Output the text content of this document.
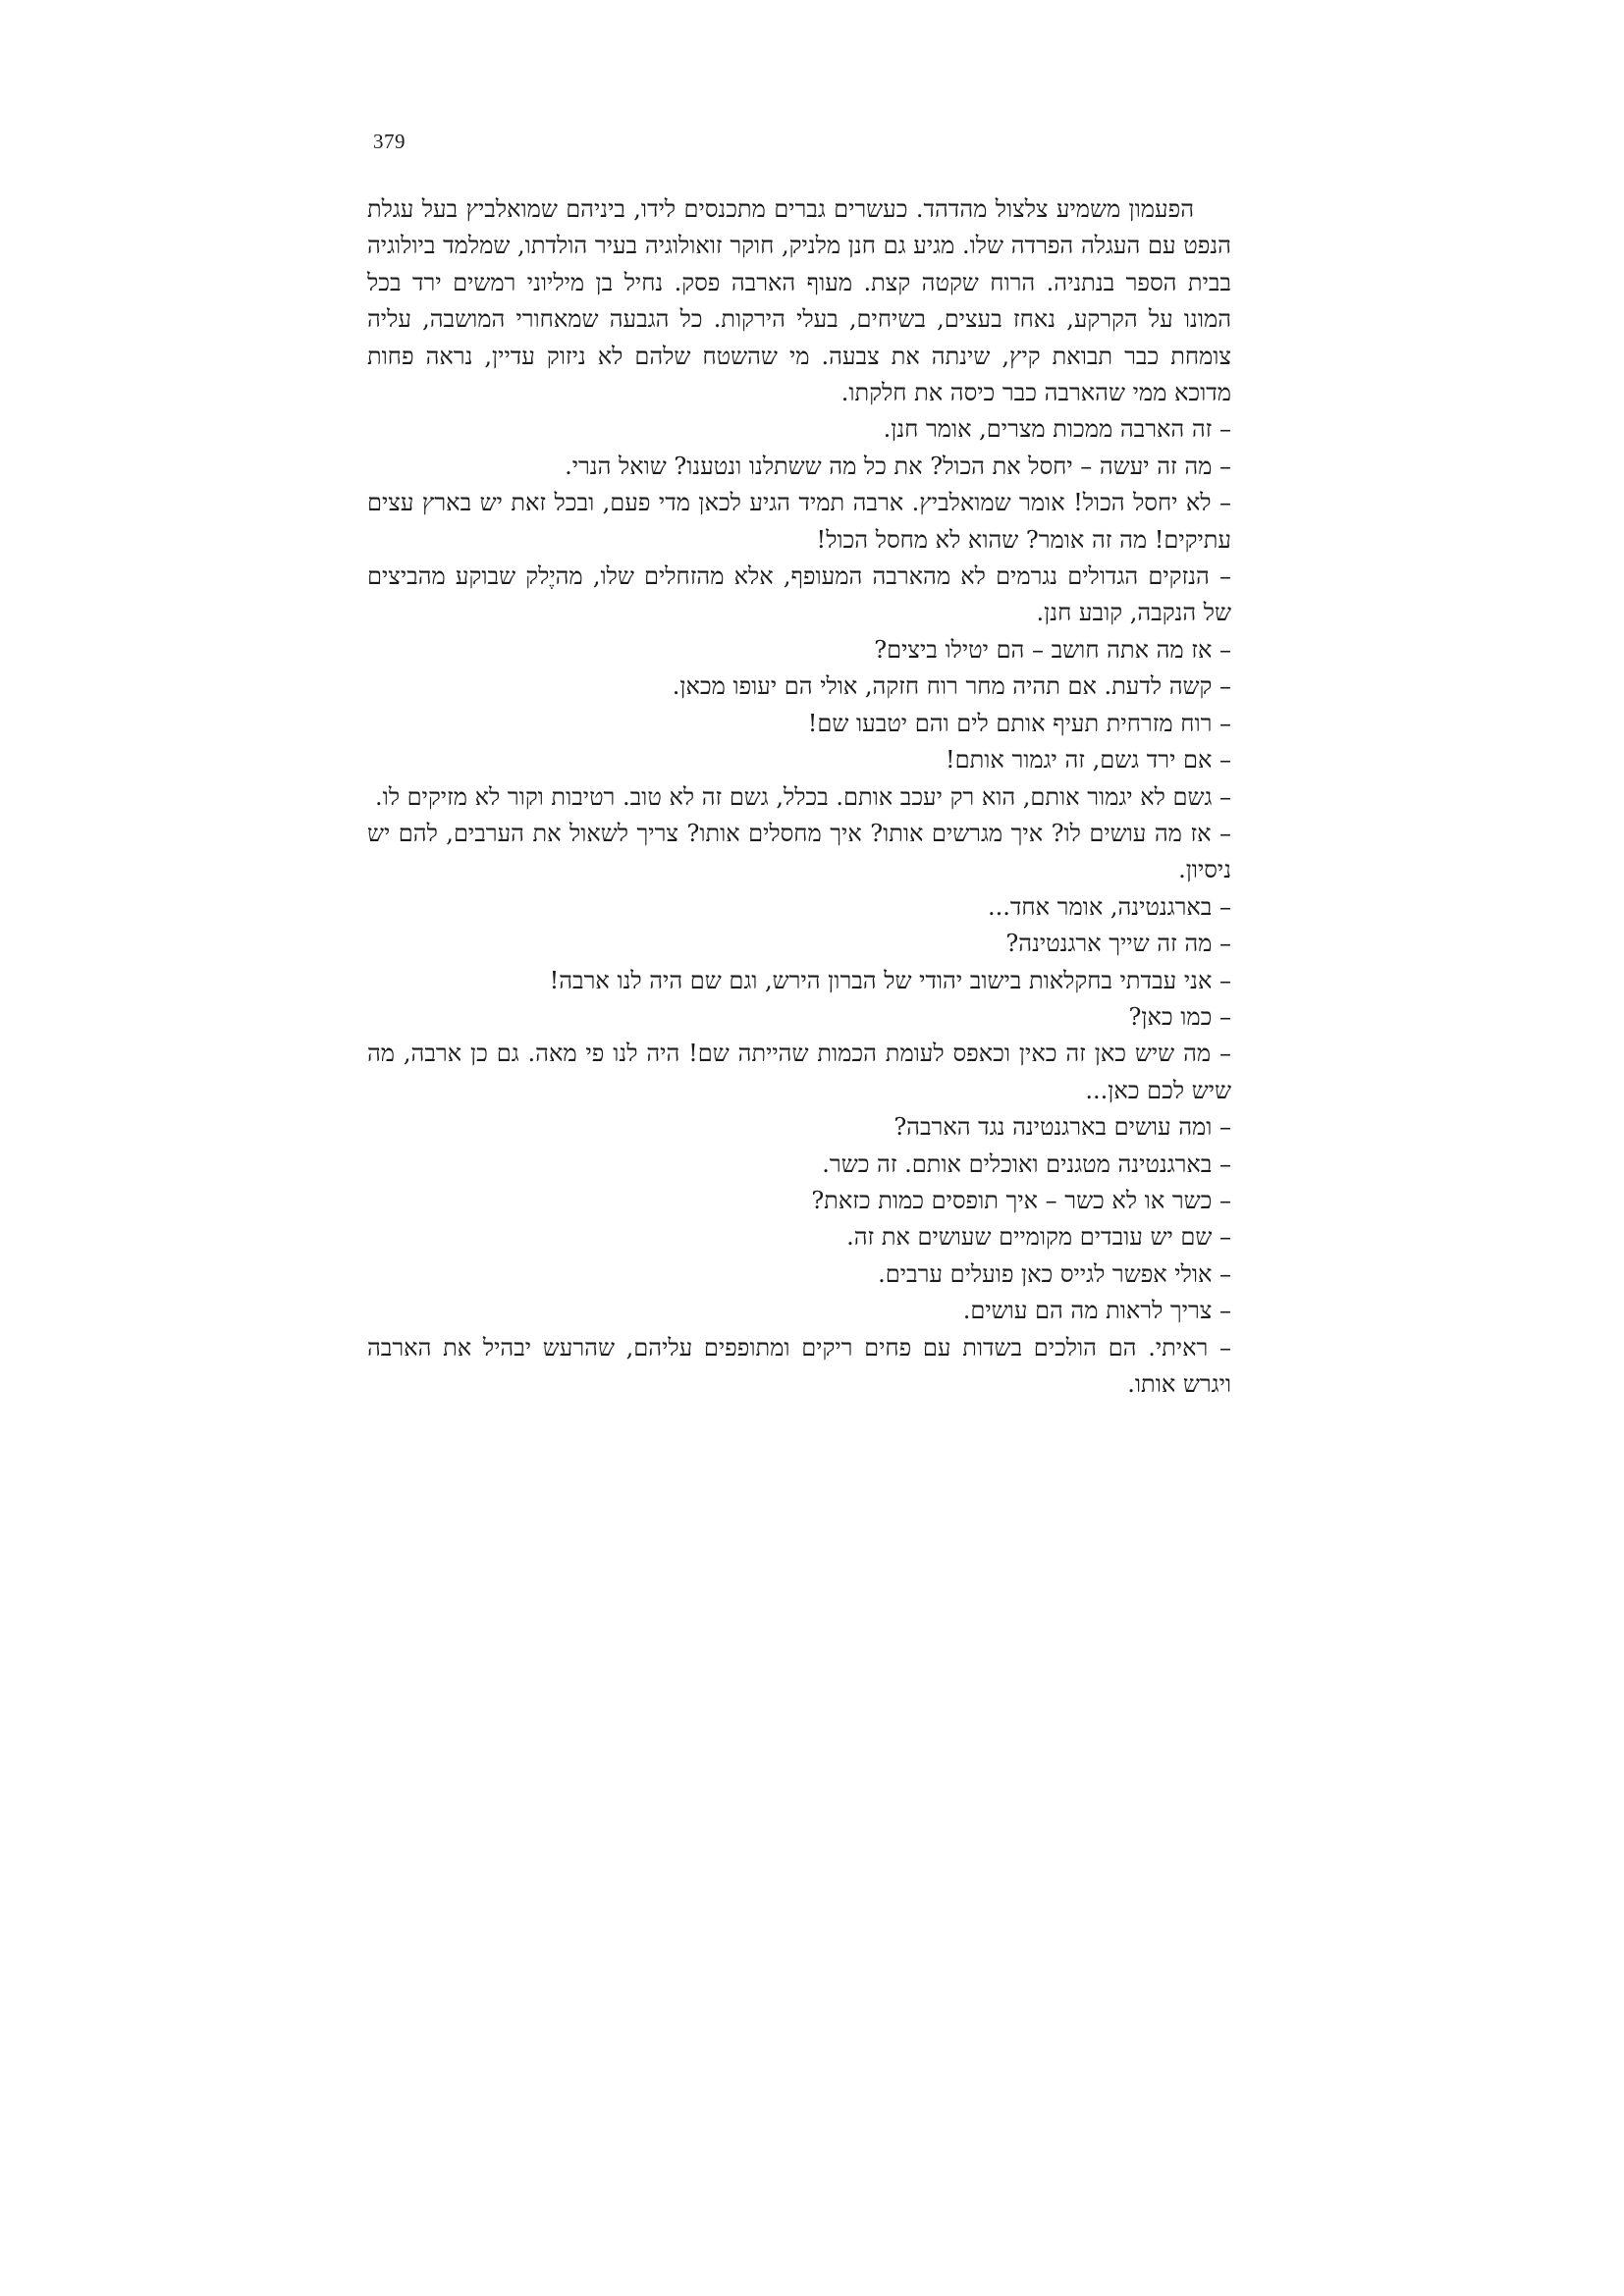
379

הפעמון משמיע צלצול מהדהד. כעשרים גברים מתכנסים לידו, ביניהם שמואלביץ בעל עגלת הנפט עם העגלה הפרדה שלו. מגיע גם חנן מלניק, חוקר זואולוגיה בעיר הולדתו, שמלמד ביולוגיה בבית הספר בנתניה. הרוח שקטה קצת. מעוף הארבה פסק. נחיל בן מיליוני רמשים ירד בכל המונו על הקרקע, נאחז בעצים, בשיחים, בעלי הירקות. כל הגבעה שמאחורי המושבה, עליה צומחת כבר תבואת קיץ, שינתה את צבעה. מי שהשטח שלהם לא ניזוק עדיין, נראה פחות מדוכא ממי שהארבה כבר כיסה את חלקתו.

– זה הארבה ממכות מצרים, אומר חנן.

– מה זה יעשה – יחסל את הכול? את כל מה ששתלנו ונטענו? שואל הנרי.

– לא יחסל הכול! אומר שמואלביץ. ארבה תמיד הגיע לכאן מדי פעם, ובכל זאת יש בארץ עצים עתיקים! מה זה אומר? שהוא לא מחסל הכול!

– הנזקים הגדולים נגרמים לא מהארבה המעופף, אלא מהזחלים שלו, מהיֶלק שבוקע מהביצים של הנקבה, קובע חנן.

– אז מה אתה חושב – הם יטילו ביצים?

– קשה לדעת. אם תהיה מחר רוח חזקה, אולי הם יעופו מכאן.

– רוח מזרחית תעיף אותם לים והם יטבעו שם!

– אם ירד גשם, זה יגמור אותם!

– גשם לא יגמור אותם, הוא רק יעכב אותם. בכלל, גשם זה לא טוב. רטיבות וקור לא מזיקים לו.

– אז מה עושים לו? איך מגרשים אותו? איך מחסלים אותו? צריך לשאול את הערבים, להם יש ניסיון.

– בארגנטינה, אומר אחד...

– מה זה שייך ארגנטינה?

– אני עבדתי בחקלאות בישוב יהודי של הברון הירש, וגם שם היה לנו ארבה!

– כמו כאן?

– מה שיש כאן זה כאין וכאפס לעומת הכמות שהייתה שם! היה לנו פי מאה. גם כן ארבה, מה שיש לכם כאן...

– ומה עושים בארגנטינה נגד הארבה?

– בארגנטינה מטגנים ואוכלים אותם. זה כשר.

– כשר או לא כשר – איך תופסים כמות כזאת?

– שם יש עובדים מקומיים שעושים את זה.

– אולי אפשר לגייס כאן פועלים ערבים.

– צריך לראות מה הם עושים.

– ראיתי. הם הולכים בשדות עם פחים ריקים ומתופפים עליהם, שהרעש יבהיל את הארבה ויגרש אותו.
